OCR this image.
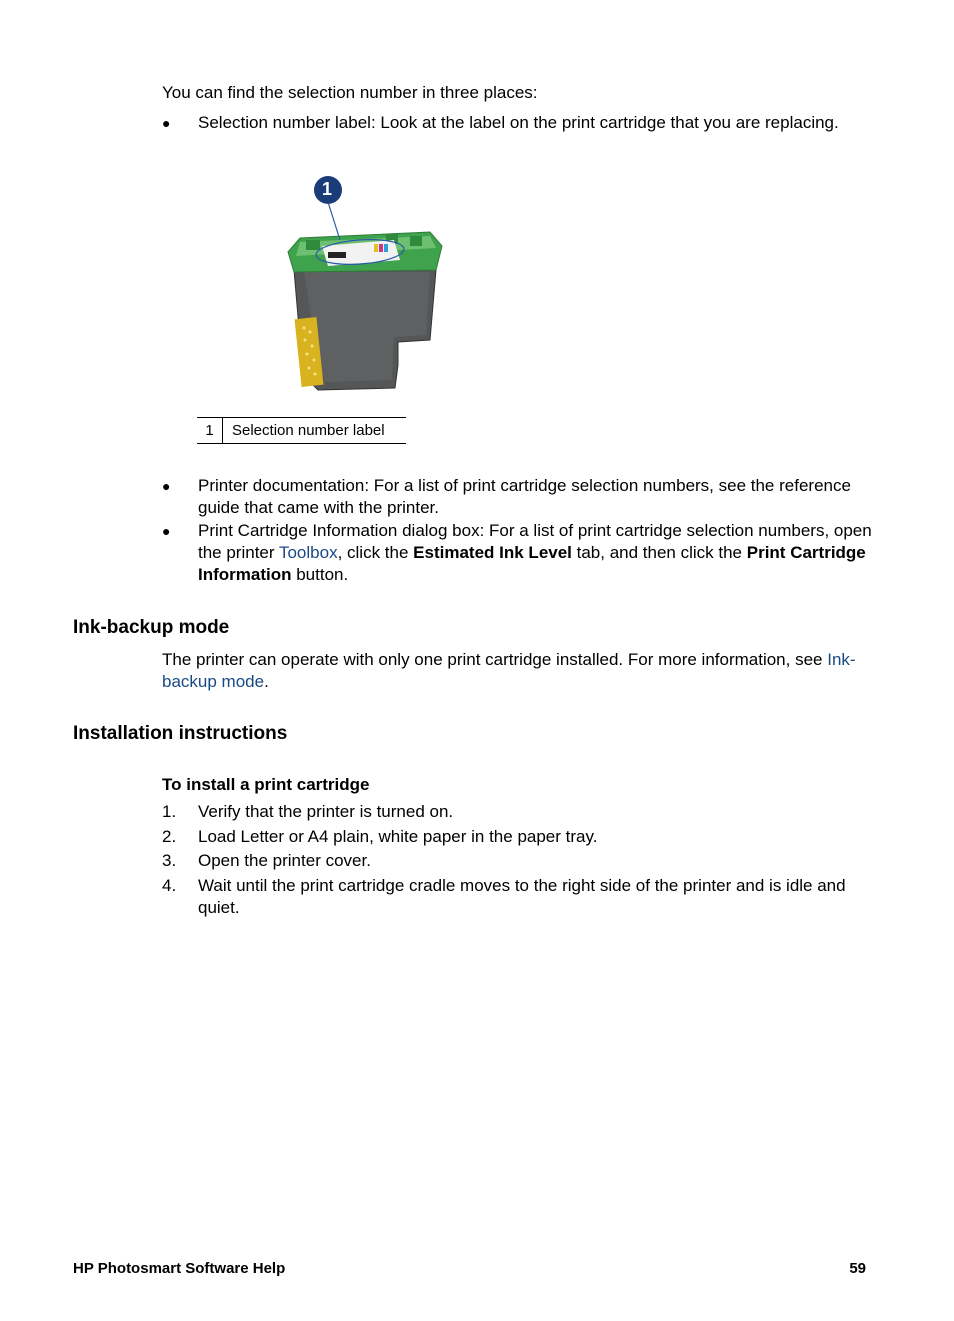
You can find the selection number in three places:
●	Selection number label: Look at the label on the print cartridge that you are replacing.
1
1	Selection number label
●	Printer documentation: For a list of print cartridge selection numbers, see the reference guide that came with the printer.
●	Print Cartridge Information dialog box: For a list of print cartridge selection numbers, open the printer Toolbox, click the Estimated Ink Level tab, and then click the Print Cartridge Information button.
Ink-backup mode
The printer can operate with only one print cartridge installed. For more information, see Ink-backup mode.
Installation instructions
To install a print cartridge
1. Verify that the printer is turned on.
2. Load Letter or A4 plain, white paper in the paper tray.
3. Open the printer cover.
4. Wait until the print cartridge cradle moves to the right side of the printer and is idle and quiet.
HP Photosmart Software Help	59
